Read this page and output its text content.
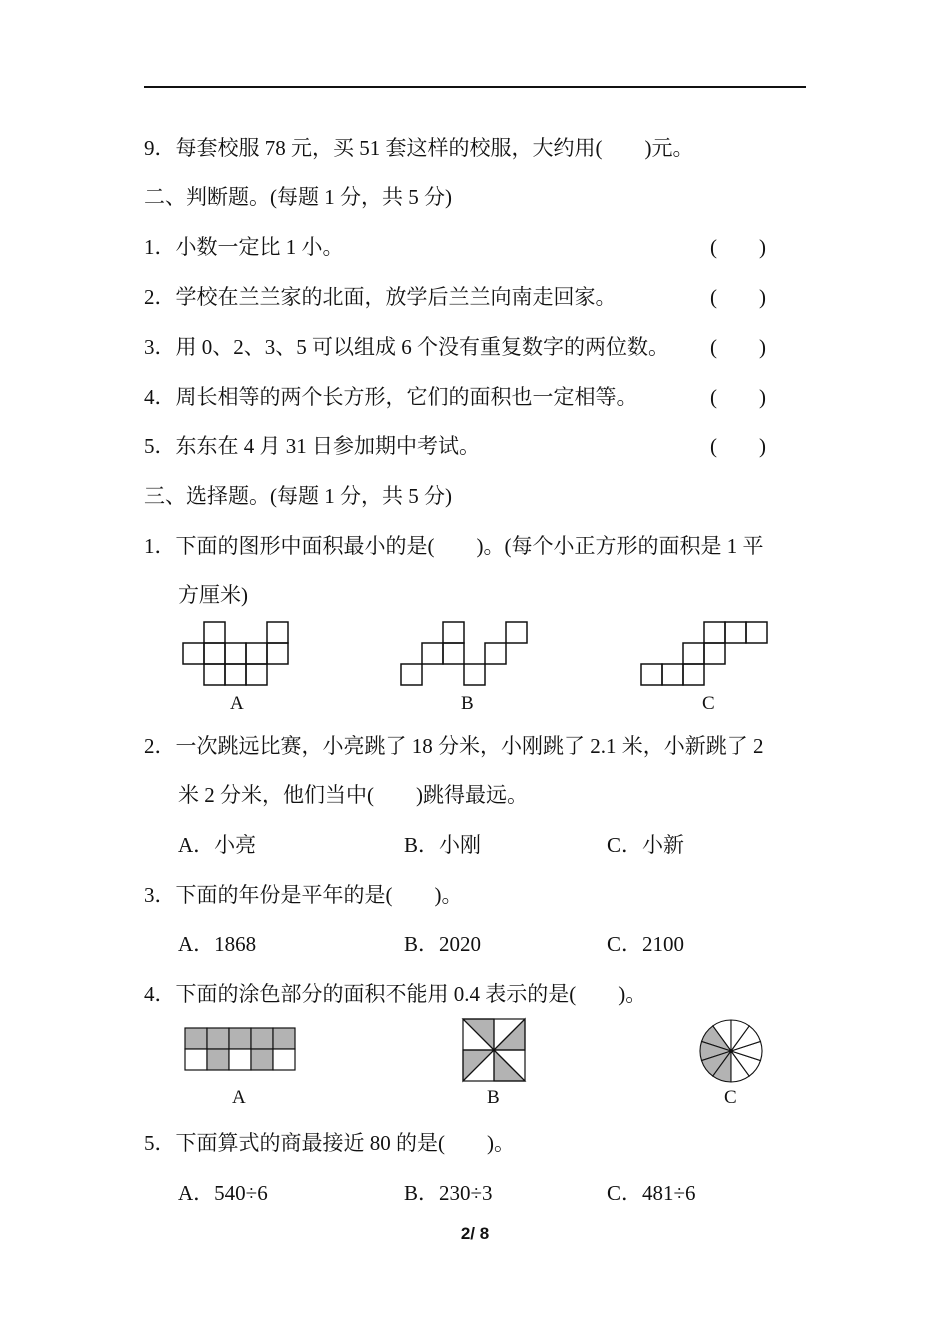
9．每套校服 78 元，买 51 套这样的校服，大约用(　　)元。
二、判断题。(每题 1 分，共 5 分)
1．小数一定比 1 小。	(　　)
2．学校在兰兰家的北面，放学后兰兰向南走回家。	(　　)
3．用 0、2、3、5 可以组成 6 个没有重复数字的两位数。 (　　)
4．周长相等的两个长方形，它们的面积也一定相等。	(　　)
5．东东在 4 月 31 日参加期中考试。	(　　)
三、选择题。(每题 1 分，共 5 分)
1．下面的图形中面积最小的是(　　)。(每个小正方形的面积是 1 平
方厘米)
A	B	C
2．一次跳远比赛，小亮跳了 18 分米，小刚跳了 2.1 米，小新跳了 2
米 2 分米，他们当中(　　)跳得最远。
A．小亮	B．小刚	C．小新
3．下面的年份是平年的是(　　)。
A．1868	B．2020	C．2100
4．下面的涂色部分的面积不能用 0.4 表示的是(　　)。
A	B	C
5．下面算式的商最接近 80 的是(　　)。
A．540÷6	B．230÷3	C．481÷6
2/ 8
